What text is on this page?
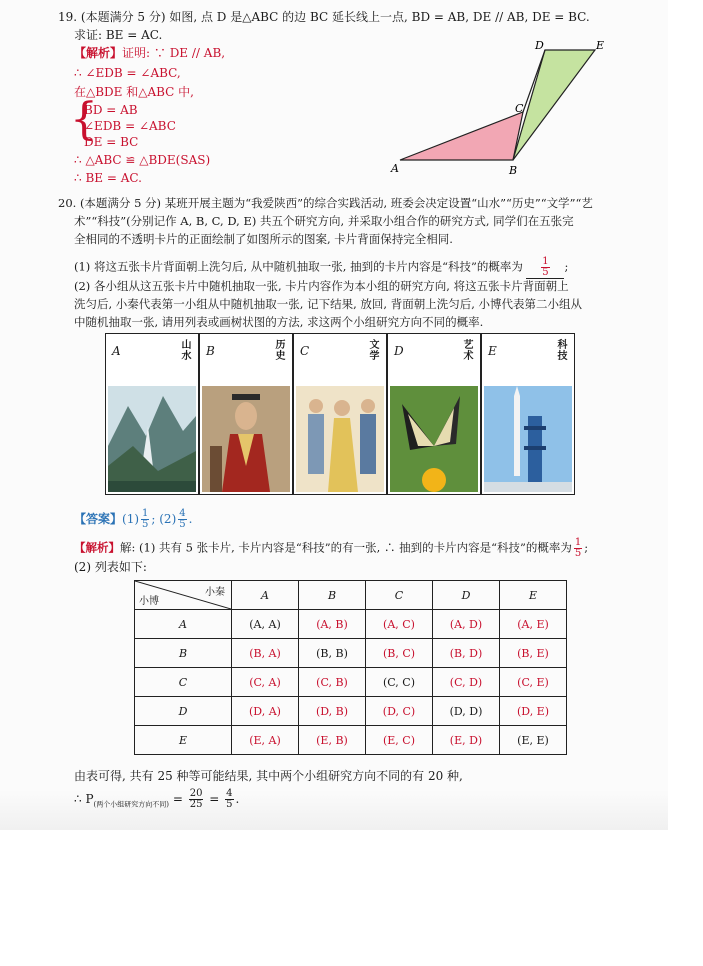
19. (本题满分 5 分) 如图, 点 D 是△ABC 的边 BC 延长线上一点, BD = AB, DE // AB, DE = BC.
求证: BE = AC.
【解析】证明: ∵ DE // AB,
∴ ∠EDB = ∠ABC,
在△BDE 和△ABC 中,
{
BD = AB
∠EDB = ∠ABC
DE = BC
∴ △ABC ≌ △BDE(SAS)
∴ BE = AC.
A	B
C
D	E
20. (本题满分 5 分) 某班开展主题为“我爱陕西”的综合实践活动, 班委会决定设置“山水”“历史”“文学”“艺
术”“科技”(分别记作 A, B, C, D, E) 共五个研究方向, 并采取小组合作的研究方式, 同学们在五张完
全相同的不透明卡片的正面绘制了如图所示的图案, 卡片背面保持完全相同.
(1) 将这五张卡片背面朝上洗匀后, 从中随机抽取一张, 抽到的卡片内容是“科技”的概率为 $\frac{1}{5}$ ;
(2) 各小组从这五张卡片中随机抽取一张, 卡片内容作为本小组的研究方向, 将这五张卡片背面朝上
洗匀后, 小秦代表第一小组从中随机抽取一张, 记下结果, 放回, 背面朝上洗匀后, 小博代表第二小组从
中随机抽取一张, 请用列表或画树状图的方法, 求这两个小组研究方向不同的概率.
A	山水 B	历史 C	文学 D	艺术 E	科技
【答案】$(1) \frac{1}{5}$ ; $(2) \frac{4}{5}$ .
【解析】解: (1) 共有 5 张卡片, 卡片内容是“科技”的有一张, ∴ 抽到的卡片内容是“科技”的概率为 $\frac{1}{5}$ ;
(2) 列表如下:
小秦
小博	A	B	C	D	E
A	(A, A)	(A, B)	(A, C)	(A, D)	(A, E)
B	(B, A)	(B, B)	(B, C)	(B, D)	(B, E)
C	(C, A)	(C, B)	(C, C)	(C, D)	(C, E)
D	(D, A)	(D, B)	(D, C)	(D, D)	(D, E)
E	(E, A)	(E, B)	(E, C)	(E, D)	(E, E)
由表可得, 共有 25 种等可能结果, 其中两个小组研究方向不同的有 20 种,
∴ $P_{(两个小组研究方向不同)} = \frac{20}{25} = \frac{4}{5}$ .
